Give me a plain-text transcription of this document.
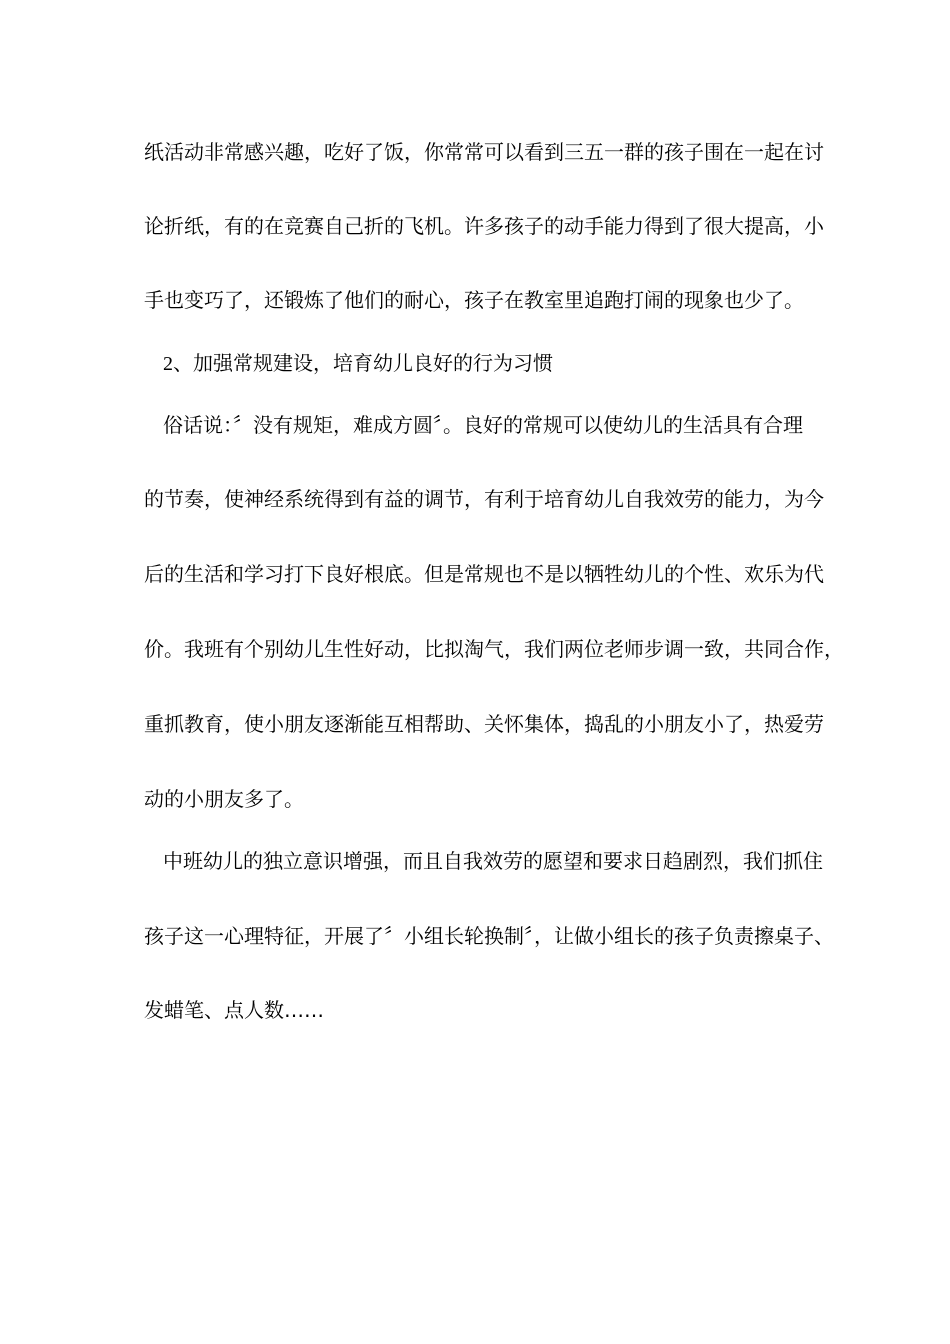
纸活动非常感兴趣，吃好了饭，你常常可以看到三五一群的孩子围在一起在讨
论折纸，有的在竞赛自己折的飞机。许多孩子的动手能力得到了很大提高，小
手也变巧了，还锻炼了他们的耐心，孩子在教室里追跑打闹的现象也少了。
2、加强常规建设，培育幼儿良好的行为习惯
俗话说：〞没有规矩，难成方圆〞。良好的常规可以使幼儿的生活具有合理
的节奏，使神经系统得到有益的调节，有利于培育幼儿自我效劳的能力，为今
后的生活和学习打下良好根底。但是常规也不是以牺牲幼儿的个性、欢乐为代
价。我班有个别幼儿生性好动，比拟淘气，我们两位老师步调一致，共同合作，
重抓教育，使小朋友逐渐能互相帮助、关怀集体，捣乱的小朋友小了，热爱劳
动的小朋友多了。
中班幼儿的独立意识增强，而且自我效劳的愿望和要求日趋剧烈，我们抓住
孩子这一心理特征，开展了〞小组长轮换制〞，让做小组长的孩子负责擦桌子、
发蜡笔、点人数……
